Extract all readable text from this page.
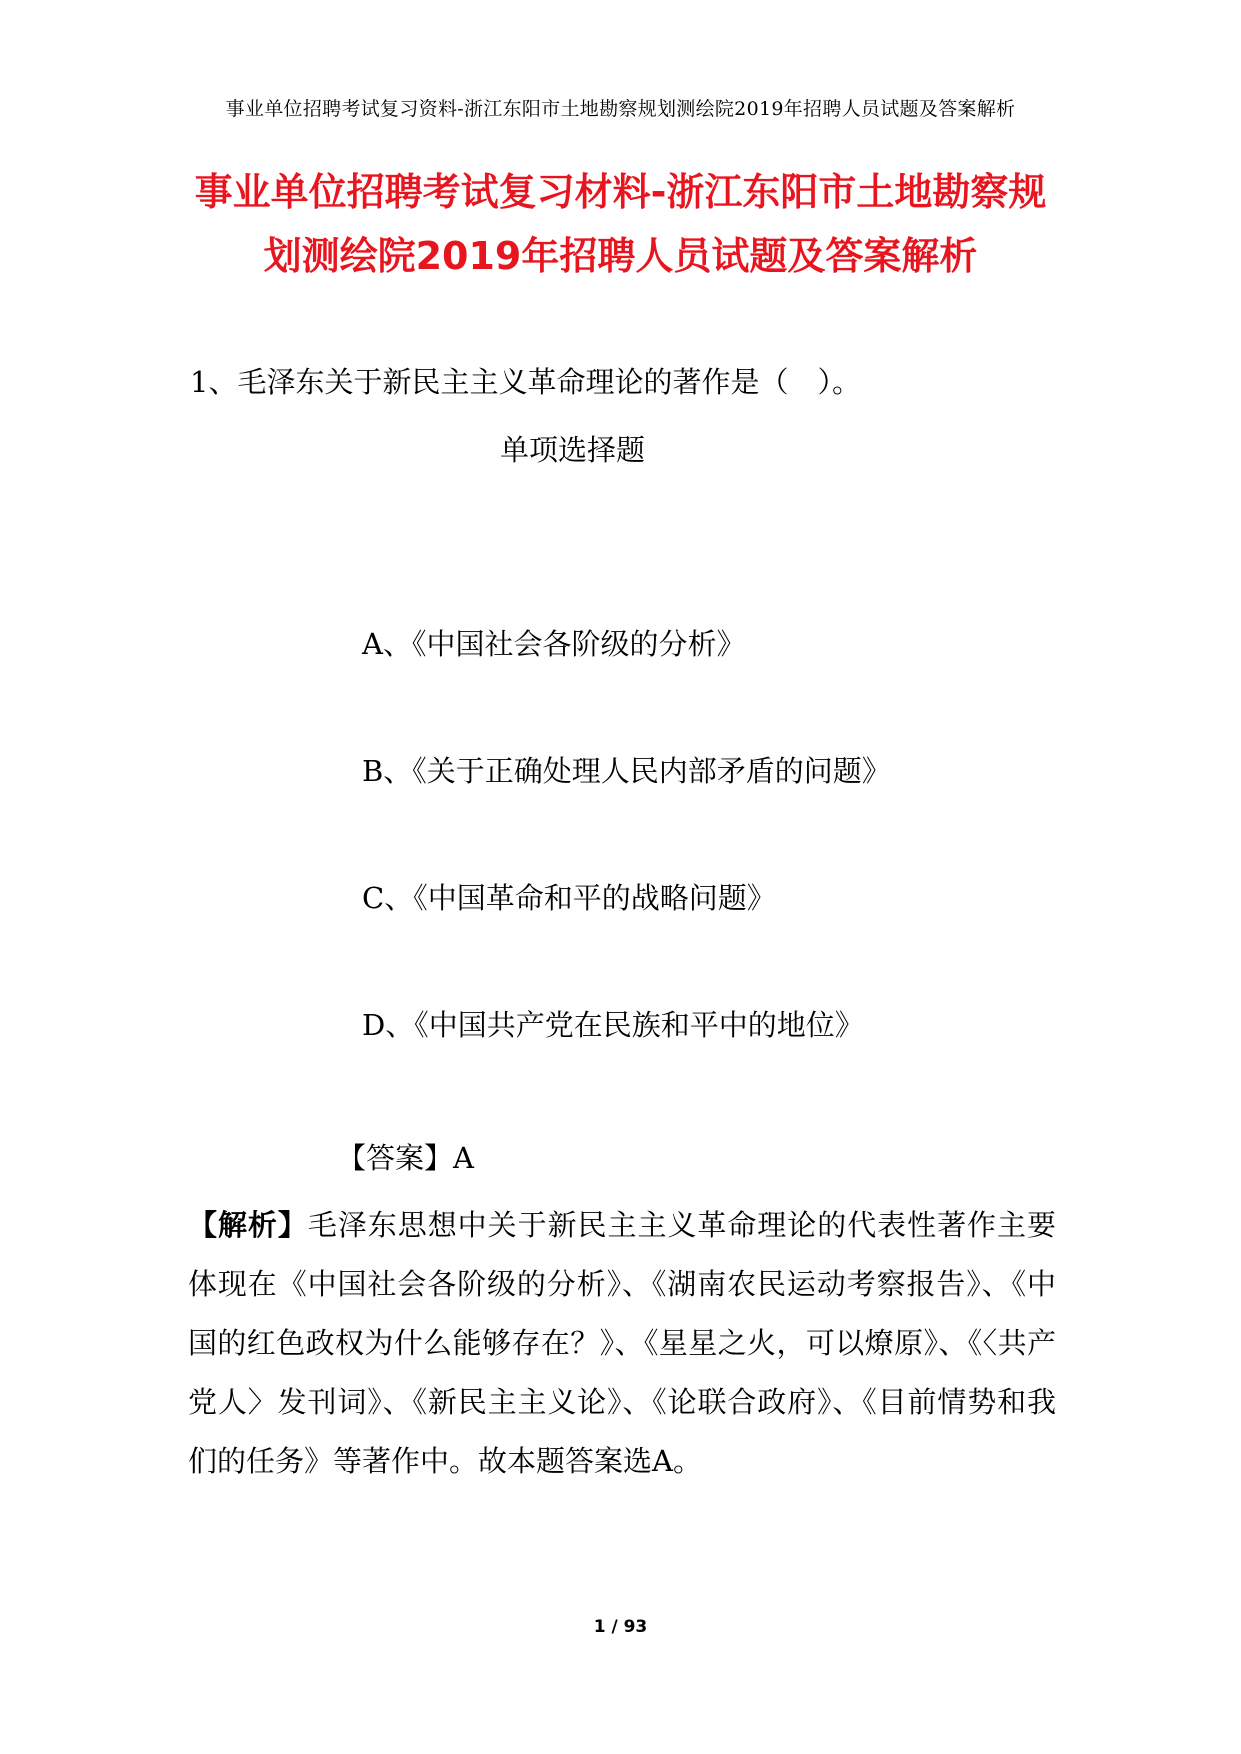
事业单位招聘考试复习资料-浙江东阳市土地勘察规划测绘院2019年招聘人员试题及答案解析
事业单位招聘考试复习材料-浙江东阳市土地勘察规
划测绘院2019年招聘人员试题及答案解析
1、毛泽东关于新民主主义革命理论的著作是（　）。
单项选择题
A、《中国社会各阶级的分析》
B、《关于正确处理人民内部矛盾的问题》
C、《中国革命和平的战略问题》
D、《中国共产党在民族和平中的地位》
【答案】A
【解析】毛泽东思想中关于新民主主义革命理论的代表性著作主要体现在《中国社会各阶级的分析》、《湖南农民运动考察报告》、《中国的红色政权为什么能够存在？》、《星星之火，可以燎原》、《〈共产党人〉发刊词》、《新民主主义论》、《论联合政府》、《目前情势和我们的任务》等著作中。故本题答案选A。
1 / 93
